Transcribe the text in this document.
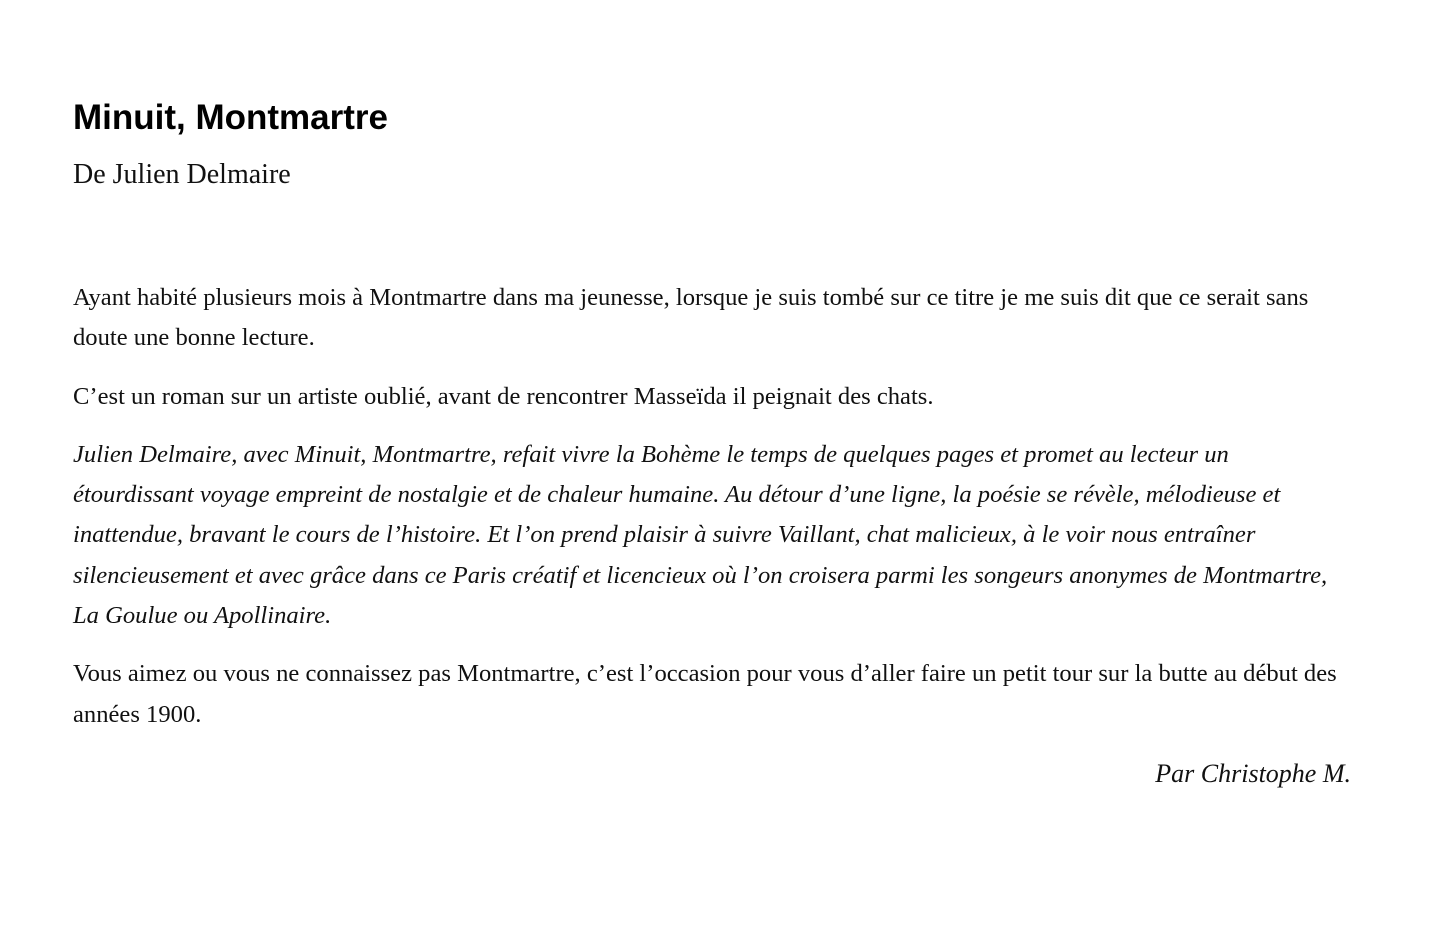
Minuit, Montmartre
De Julien Delmaire

Ayant habité plusieurs mois à Montmartre dans ma jeunesse, lorsque je suis tombé sur ce titre je me suis dit que ce serait sans doute une bonne lecture.

C’est un roman sur un artiste oublié, avant de rencontrer Masseïda il peignait des chats.

Julien Delmaire, avec Minuit, Montmartre, refait vivre la Bohème le temps de quelques pages et promet au lecteur un étourdissant voyage empreint de nostalgie et de chaleur humaine. Au détour d’une ligne, la poésie se révèle, mélodieuse et inattendue, bravant le cours de l’histoire. Et l’on prend plaisir à suivre Vaillant, chat malicieux, à le voir nous entraîner silencieusement et avec grâce dans ce Paris créatif et licencieux où l’on croisera parmi les songeurs anonymes de Montmartre, La Goulue ou Apollinaire.

Vous aimez ou vous ne connaissez pas Montmartre, c’est l’occasion pour vous d’aller faire un petit tour sur la butte au début des années 1900.

Par Christophe M.
